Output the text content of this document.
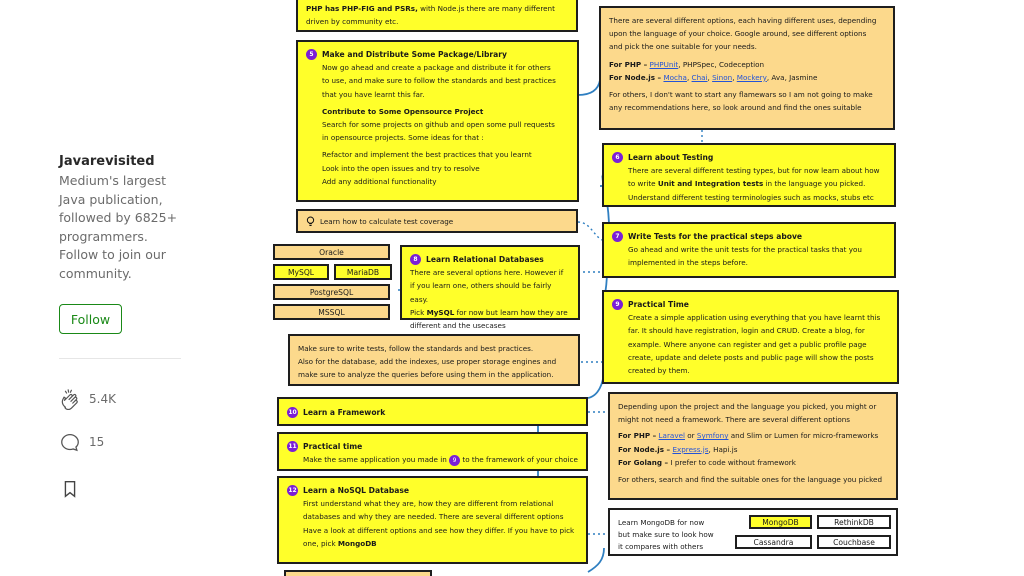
Javarevisited
Medium's largest Java publication, followed by 6825+ programmers. Follow to join our community.
Follow
5.4K
15
PHP has PHP-FIG and PSRs, with Node.js there are many different
driven by community etc.
5	Make and Distribute Some Package/Library
Now go ahead and create a package and distribute it for others
to use, and make sure to follow the standards and best practices
that you have learnt this far.
Contribute to Some Opensource Project
Search for some projects on github and open some pull requests
in opensource projects. Some ideas for that :
Refactor and implement the best practices that you learnt
Look into the open issues and try to resolve
Add any additional functionality
Learn how to calculate test coverage
There are several different options, each having different uses, depending
upon the language of your choice. Google around, see different options
and pick the one suitable for your needs.
For PHP – PHPUnit, PHPSpec, Codeception
For Node.js – Mocha, Chai, Sinon, Mockery, Ava, Jasmine
For others, I don't want to start any flamewars so I am not going to make
any recommendations here, so look around and find the ones suitable
6	Learn about Testing
There are several different testing types, but for now learn about how
to write Unit and Integration tests in the language you picked.
Understand different testing terminologies such as mocks, stubs etc
7	Write Tests for the practical steps above
Go ahead and write the unit tests for the practical tasks that you
implemented in the steps before.
Oracle
MySQL	MariaDB
PostgreSQL
MSSQL
8	Learn Relational Databases
There are several options here. However if
if you learn one, others should be fairly easy.
Pick MySQL for now but learn how they are
different and the usecases
9	Practical Time
Create a simple application using everything that you have learnt this
far. It should have registration, login and CRUD. Create a blog, for
example. Where anyone can register and get a public profile page
create, update and delete posts and public page will show the posts
created by them.
Make sure to write tests, follow the standards and best practices.
Also for the database, add the indexes, use proper storage engines and
make sure to analyze the queries before using them in the application.
10 Learn a Framework
Depending upon the project and the language you picked, you might or
might not need a framework. There are several different options
For PHP – Laravel or Symfony and Slim or Lumen for micro-frameworks
For Node.js – Express.js, Hapi.js
For Golang – I prefer to code without framework
For others, search and find the suitable ones for the language you picked
11 Practical time
Make the same application you made in 9 to the framework of your choice
12 Learn a NoSQL Database
First understand what they are, how they are different from relational
databases and why they are needed. There are several different options
Have a look at different options and see how they differ. If you have to pick
one, pick MongoDB
Learn MongoDB for now
but make sure to look how
it compares with others
MongoDB	RethinkDB
Cassandra	Couchbase
